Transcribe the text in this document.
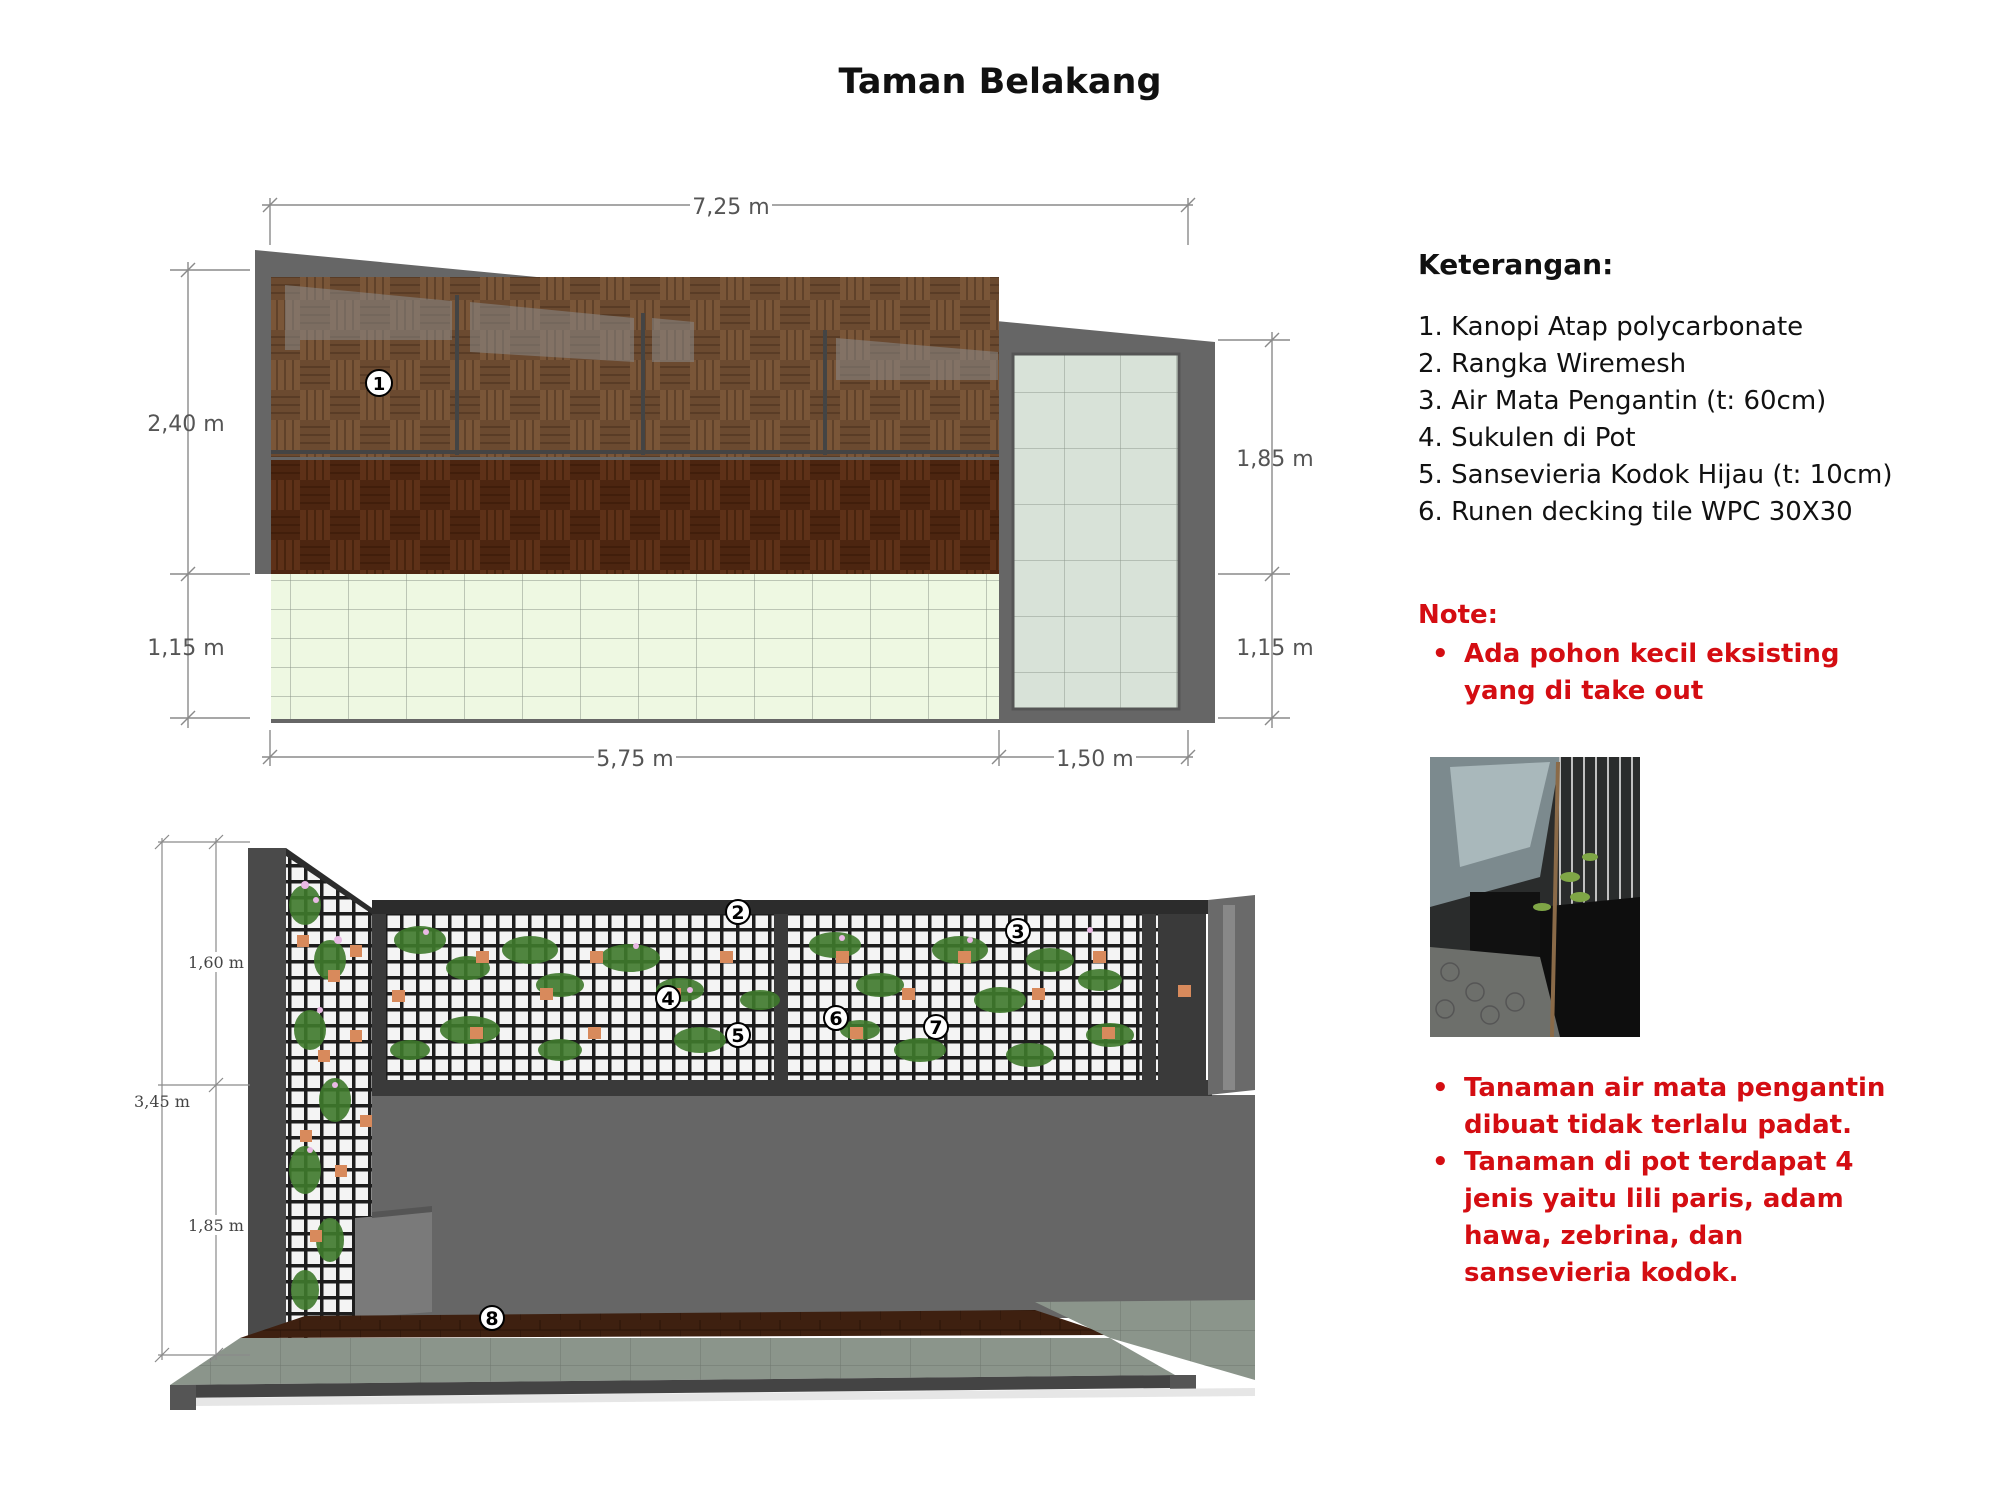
Taman Belakang
1
7,25 m
2,40 m
1,15 m
1,85 m
1,15 m
5,75 m	1,50 m
2
3
4
5
6	7
8
3,45 m
1,60 m
1,85 m
Keterangan:
1. Kanopi Atap polycarbonate
2. Rangka Wiremesh
3. Air Mata Pengantin (t: 60cm)
4. Sukulen di Pot
5. Sansevieria Kodok Hijau (t: 10cm)
6. Runen decking tile WPC 30X30
Note:
• Ada pohon kecil eksisting yang di take out
• Tanaman air mata pengantin dibuat tidak terlalu padat.
• Tanaman di pot terdapat 4 jenis yaitu lili paris, adam hawa, zebrina, dan sansevieria kodok.
